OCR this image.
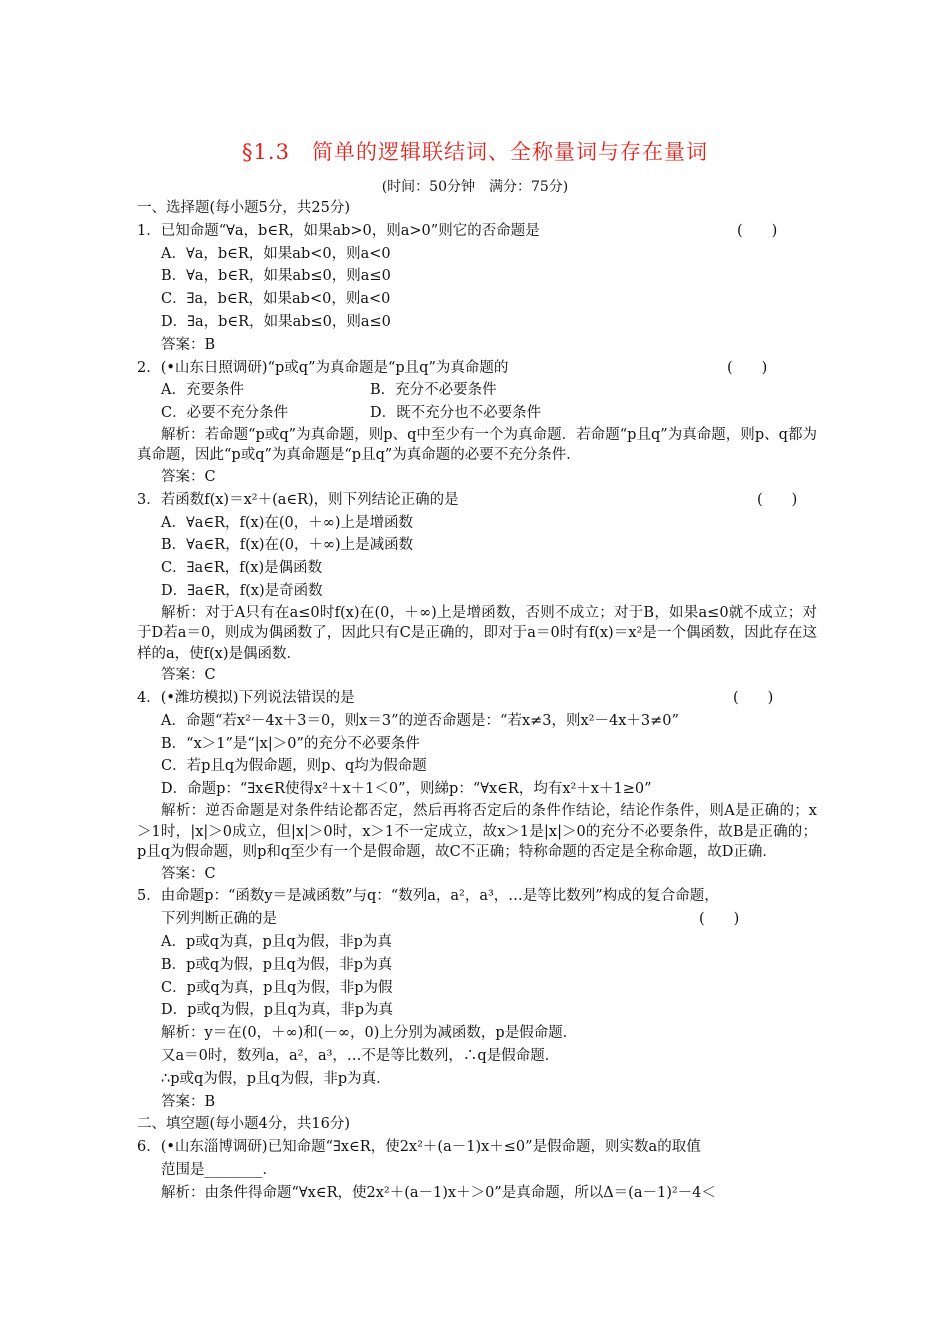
§1.3　简单的逻辑联结词、全称量词与存在量词
(时间：50分钟　满分：75分)
一、选择题(每小题5分，共25分)
1．已知命题“∀a，b∈R，如果ab>0，则a>0”则它的否命题是	(　　)
A．∀a，b∈R，如果ab<0，则a<0
B．∀a，b∈R，如果ab≤0，则a≤0
C．∃a，b∈R，如果ab<0，则a<0
D．∃a，b∈R，如果ab≤0，则a≤0
答案：B
2．(•山东日照调研)“p或q”为真命题是“p且q”为真命题的	(　　)
A．充要条件	B．充分不必要条件
C．必要不充分条件	D．既不充分也不必要条件
解析：若命题“p或q”为真命题，则p、q中至少有一个为真命题．若命题“p且q”为真命题，则p、q都为真命题，因此“p或q”为真命题是“p且q”为真命题的必要不充分条件．
答案：C
3．若函数f(x)＝x²＋(a∈R)，则下列结论正确的是	(　　)
A．∀a∈R，f(x)在(0，＋∞)上是增函数
B．∀a∈R，f(x)在(0，＋∞)上是减函数
C．∃a∈R，f(x)是偶函数
D．∃a∈R，f(x)是奇函数
解析：对于A只有在a≤0时f(x)在(0，＋∞)上是增函数，否则不成立；对于B，如果a≤0就不成立；对于D若a＝0，则成为偶函数了，因此只有C是正确的，即对于a＝0时有f(x)＝x²是一个偶函数，因此存在这样的a，使f(x)是偶函数．
答案：C
4．(•潍坊模拟)下列说法错误的是	(　　)
A．命题“若x²－4x＋3＝0，则x＝3”的逆否命题是：“若x≠3，则x²－4x＋3≠0”
B．“x＞1”是“|x|＞0”的充分不必要条件
C．若p且q为假命题，则p、q均为假命题
D．命题p：“∃x∈R使得x²＋x＋1＜0”，则綈p：“∀x∈R，均有x²＋x＋1≥0”
解析：逆否命题是对条件结论都否定，然后再将否定后的条件作结论，结论作条件，则A是正确的；x＞1时，|x|＞0成立，但|x|＞0时，x＞1不一定成立，故x＞1是|x|＞0的充分不必要条件，故B是正确的；p且q为假命题，则p和q至少有一个是假命题，故C不正确；特称命题的否定是全称命题，故D正确．
答案：C
5．由命题p：“函数y＝是减函数”与q：“数列a，a²，a³，…是等比数列”构成的复合命题，
下列判断正确的是	(　　)
A．p或q为真，p且q为假，非p为真
B．p或q为假，p且q为假，非p为真
C．p或q为真，p且q为假，非p为假
D．p或q为假，p且q为真，非p为真
解析：y＝在(0，＋∞)和(－∞，0)上分别为减函数，p是假命题．
又a＝0时，数列a，a²，a³，…不是等比数列，∴q是假命题．
∴p或q为假，p且q为假，非p为真．
答案：B
二、填空题(每小题4分，共16分)
6．(•山东淄博调研)已知命题“∃x∈R，使2x²＋(a－1)x＋≤0”是假命题，则实数a的取值
范围是________．
解析：由条件得命题“∀x∈R，使2x²＋(a－1)x＋＞0”是真命题，所以Δ＝(a－1)²－4＜
